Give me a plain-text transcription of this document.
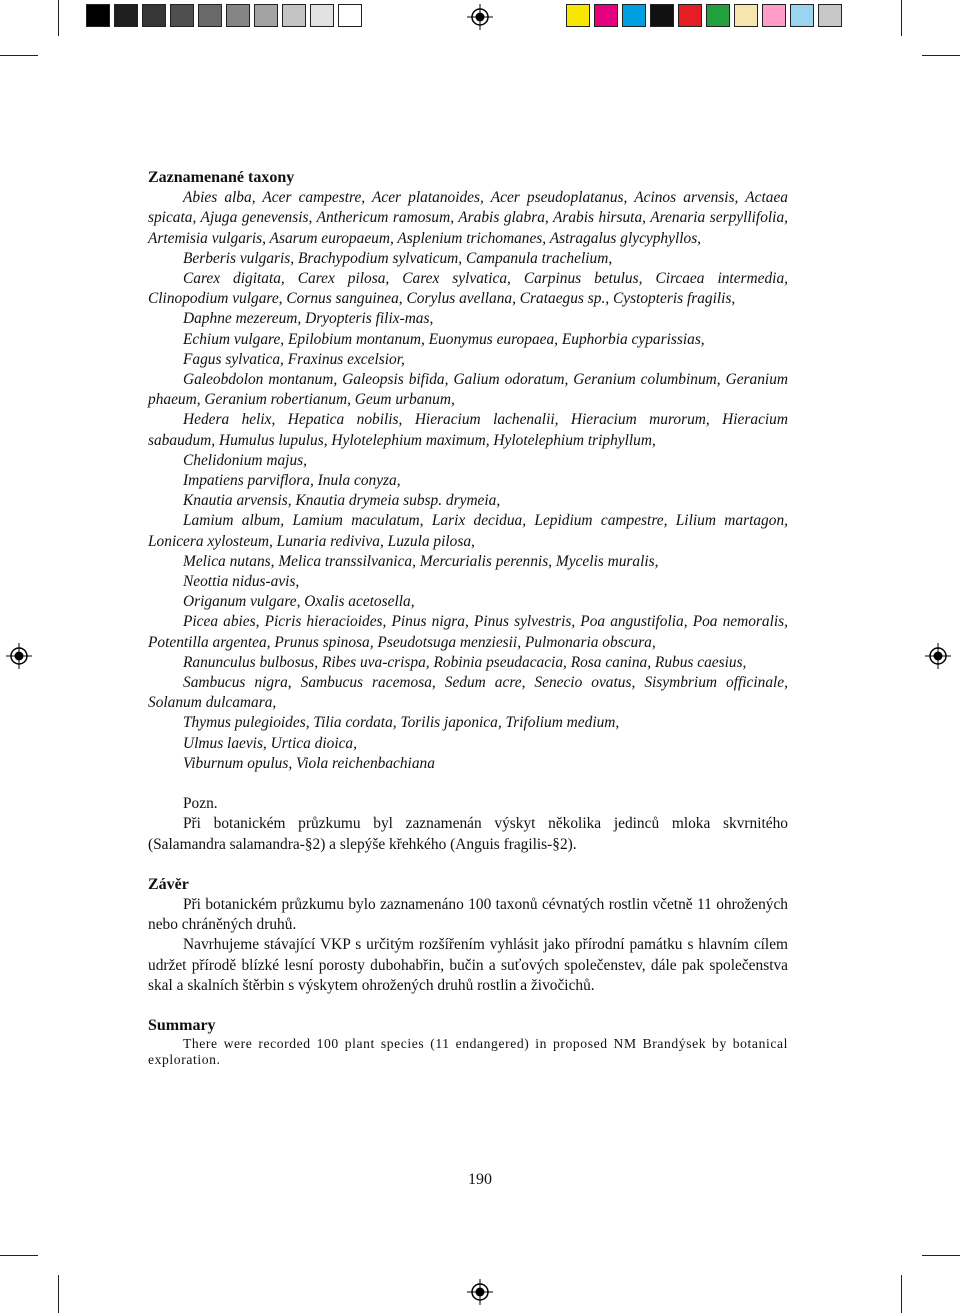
Zaznamenané taxony

Abies alba, Acer campestre, Acer platanoides, Acer pseudoplatanus, Acinos arvensis, Actaea spicata, Ajuga genevensis, Anthericum ramosum, Arabis glabra, Arabis hirsuta, Arenaria serpyllifolia, Artemisia vulgaris, Asarum europaeum, Asplenium trichomanes, Astragalus glycyphyllos,

Berberis vulgaris, Brachypodium sylvaticum, Campanula trachelium,

Carex digitata, Carex pilosa, Carex sylvatica, Carpinus betulus, Circaea intermedia, Clinopodium vulgare, Cornus sanguinea, Corylus avellana, Crataegus sp., Cystopteris fragilis,

Daphne mezereum, Dryopteris filix-mas,

Echium vulgare, Epilobium montanum, Euonymus europaea, Euphorbia cyparissias,

Fagus sylvatica, Fraxinus excelsior,

Galeobdolon montanum, Galeopsis bifida, Galium odoratum, Geranium columbinum, Geranium phaeum, Geranium robertianum, Geum urbanum,

Hedera helix, Hepatica nobilis, Hieracium lachenalii, Hieracium murorum, Hieracium sabaudum, Humulus lupulus, Hylotelephium maximum, Hylotelephium triphyllum,

Chelidonium majus,

Impatiens parviflora, Inula conyza,

Knautia arvensis, Knautia drymeia subsp. drymeia,

Lamium album, Lamium maculatum, Larix decidua, Lepidium campestre, Lilium martagon, Lonicera xylosteum, Lunaria rediviva, Luzula pilosa,

Melica nutans, Melica transsilvanica, Mercurialis perennis, Mycelis muralis,

Neottia nidus-avis,

Origanum vulgare, Oxalis acetosella,

Picea abies, Picris hieracioides, Pinus nigra, Pinus sylvestris, Poa angustifolia, Poa nemoralis, Potentilla argentea, Prunus spinosa, Pseudotsuga menziesii, Pulmonaria obscura,

Ranunculus bulbosus, Ribes uva-crispa, Robinia pseudacacia, Rosa canina, Rubus caesius,

Sambucus nigra, Sambucus racemosa, Sedum acre, Senecio ovatus, Sisymbrium officinale, Solanum dulcamara,

Thymus pulegioides, Tilia cordata, Torilis japonica, Trifolium medium,

Ulmus laevis, Urtica dioica,

Viburnum opulus, Viola reichenbachiana

Pozn.

Při botanickém průzkumu byl zaznamenán výskyt několika jedinců mloka skvrnitého (Salamandra salamandra-§2) a slepýše křehkého (Anguis fragilis-§2).

Závěr

Při botanickém průzkumu bylo zaznamenáno 100 taxonů cévnatých rostlin včetně 11 ohrožených nebo chráněných druhů.

Navrhujeme stávající VKP s určitým rozšířením vyhlásit jako přírodní památku s hlavním cílem udržet přírodě blízké lesní porosty dubohabřin, bučin a suťových společenstev, dále pak společenstva skal a skalních štěrbin s výskytem ohrožených druhů rostlin a živočichů.

Summary

There were recorded 100 plant species (11 endangered) in proposed NM Brandýsek by botanical exploration.

190
